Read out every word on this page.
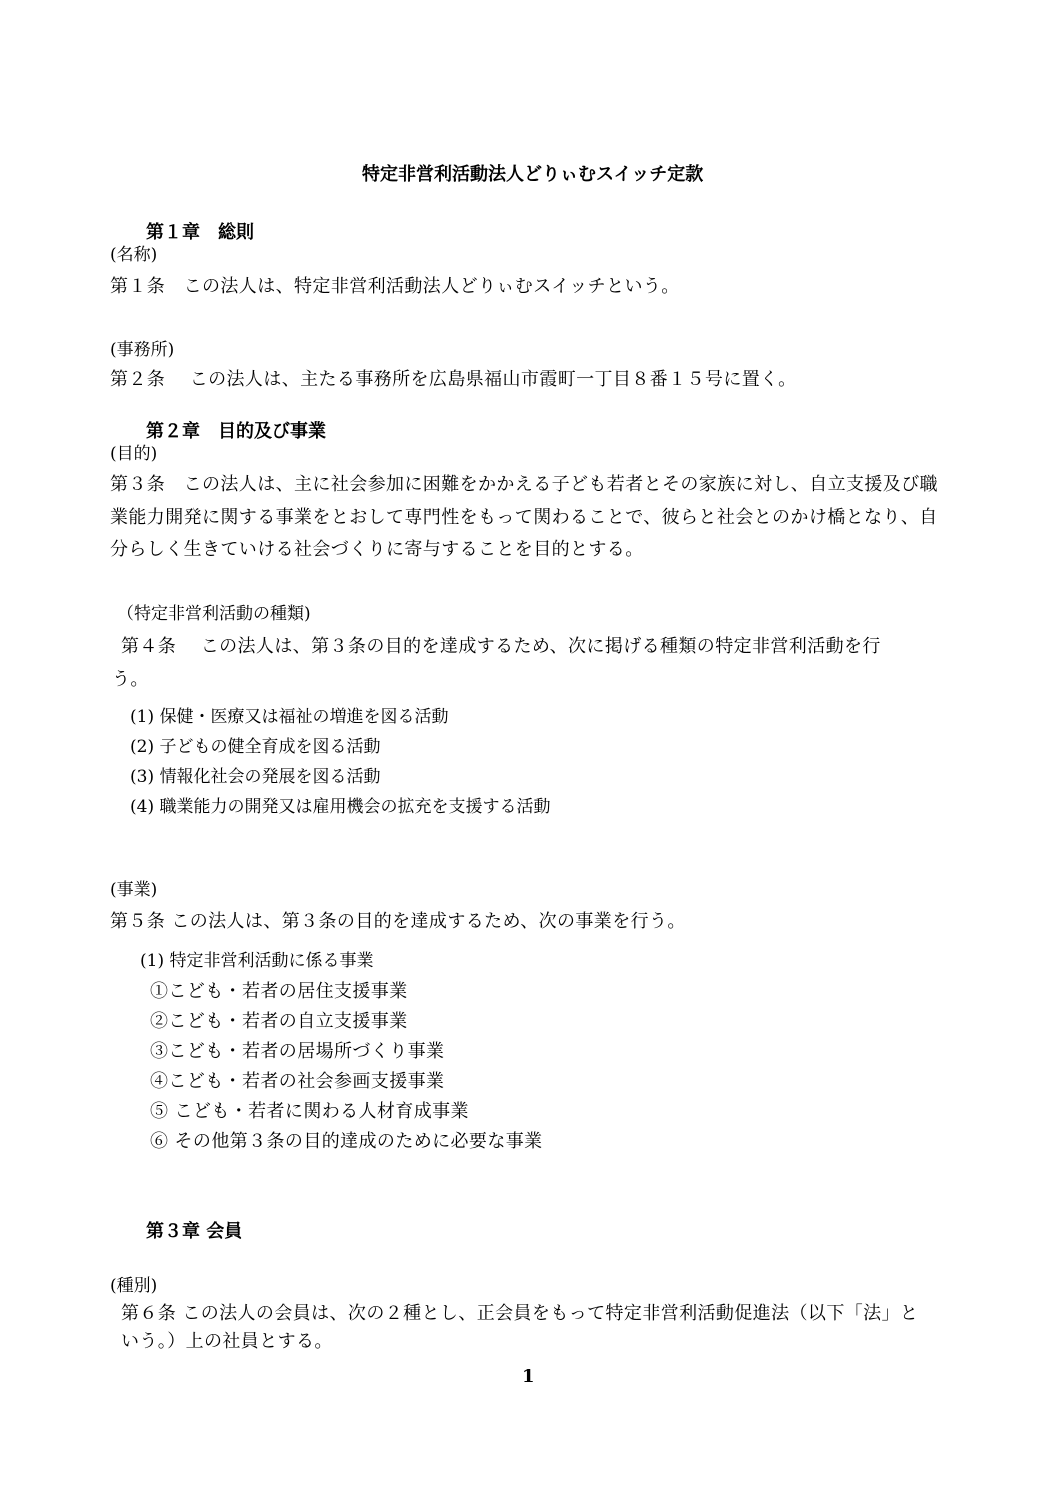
特定非営利活動法人どりぃむスイッチ定款
第１章　総則
(名称)
第１条　この法人は、特定非営利活動法人どりぃむスイッチという。
(事務所)
第２条　 この法人は、主たる事務所を広島県福山市霞町一丁目８番１５号に置く。
第２章　目的及び事業
(目的)
第３条　この法人は、主に社会参加に困難をかかえる子ども若者とその家族に対し、自立支援及び職
業能力開発に関する事業をとおして専門性をもって関わることで、彼らと社会とのかけ橋となり、自
分らしく生きていける社会づくりに寄与することを目的とする。
（特定非営利活動の種類)
第４条　 この法人は、第３条の目的を達成するため、次に掲げる種類の特定非営利活動を行
う。
(1) 保健・医療又は福祉の増進を図る活動
(2) 子どもの健全育成を図る活動
(3) 情報化社会の発展を図る活動
(4) 職業能力の開発又は雇用機会の拡充を支援する活動
(事業)
第５条 この法人は、第３条の目的を達成するため、次の事業を行う。
(1) 特定非営利活動に係る事業
①こども・若者の居住支援事業
②こども・若者の自立支援事業
③こども・若者の居場所づくり事業
④こども・若者の社会参画支援事業
⑤ こども・若者に関わる人材育成事業
⑥ その他第３条の目的達成のために必要な事業
第３章 会員
(種別)
第６条 この法人の会員は、次の２種とし、正会員をもって特定非営利活動促進法（以下「法」と
いう。）上の社員とする。
1
